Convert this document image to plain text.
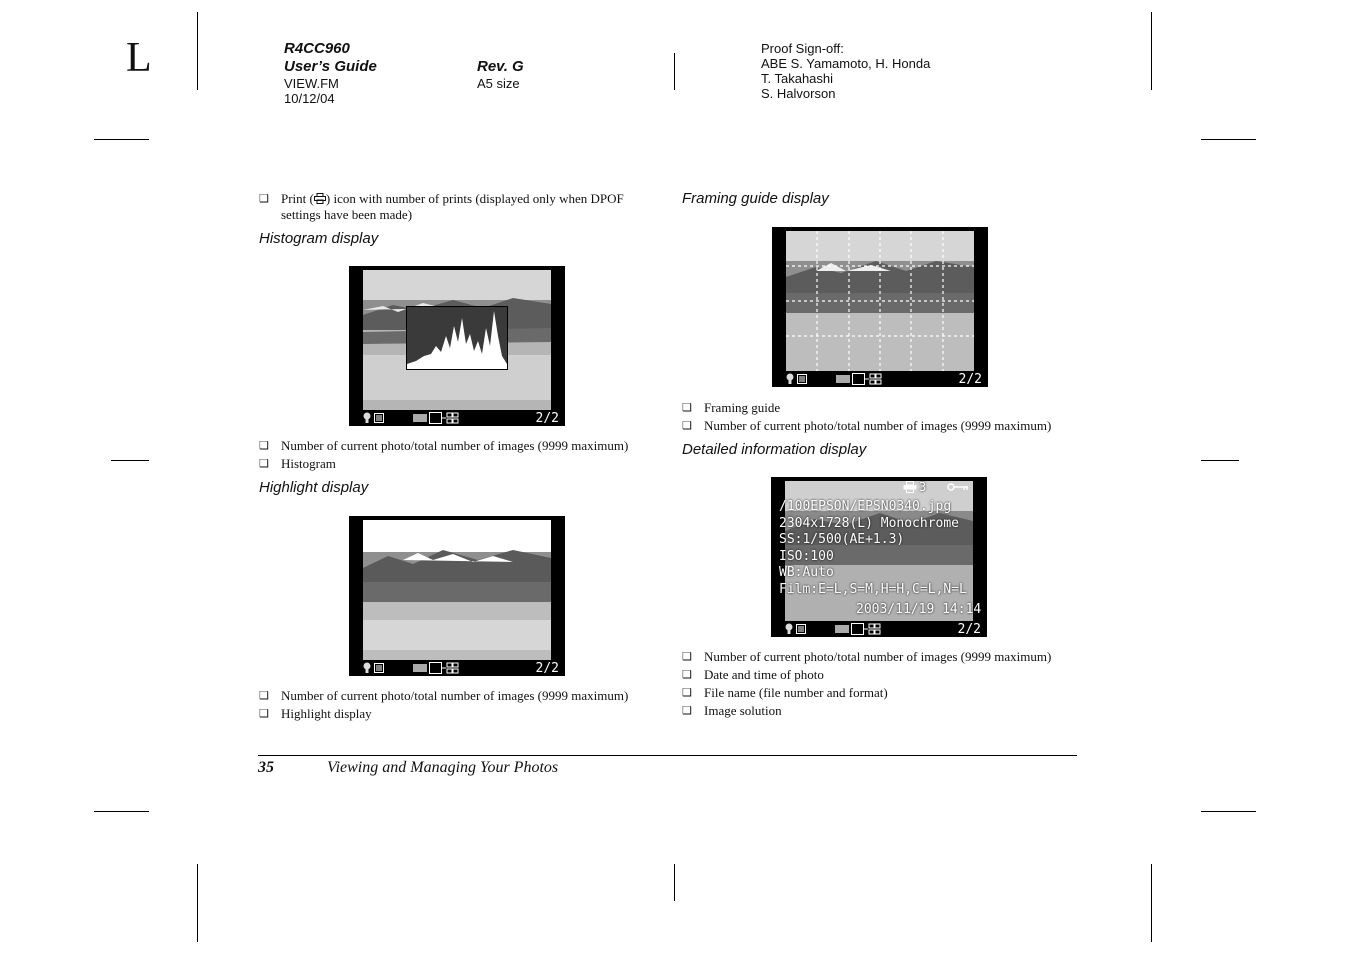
L	R4CC960
User’s Guide
VIEW.FM
10/12/04
Rev. G
A5 size
Proof Sign-off:
ABE S. Yamamoto, H. Honda
T. Takahashi
S. Halvorson
❑ Print ( ) icon with number of prints (displayed only when DPOF
settings have been made)
Histogram display
2/2
❑ Number of current photo/total number of images (9999 maximum)
❑ Histogram
Highlight display
2/2
❑ Number of current photo/total number of images (9999 maximum)
❑ Highlight display
Framing guide display
2/2
❑ Framing guide
❑ Number of current photo/total number of images (9999 maximum)
Detailed information display
3
/100EPSON/EPSN0340.jpg
2304x1728(L) Monochrome
SS:1/500(AE+1.3)
ISO:100
WB:Auto
Film:E=L,S=M,H=H,C=L,N=L
2003/11/19 14:14
2/2
❑ Number of current photo/total number of images (9999 maximum)
❑ Date and time of photo
❑ File name (file number and format)
❑ Image solution
35	Viewing and Managing Your Photos
